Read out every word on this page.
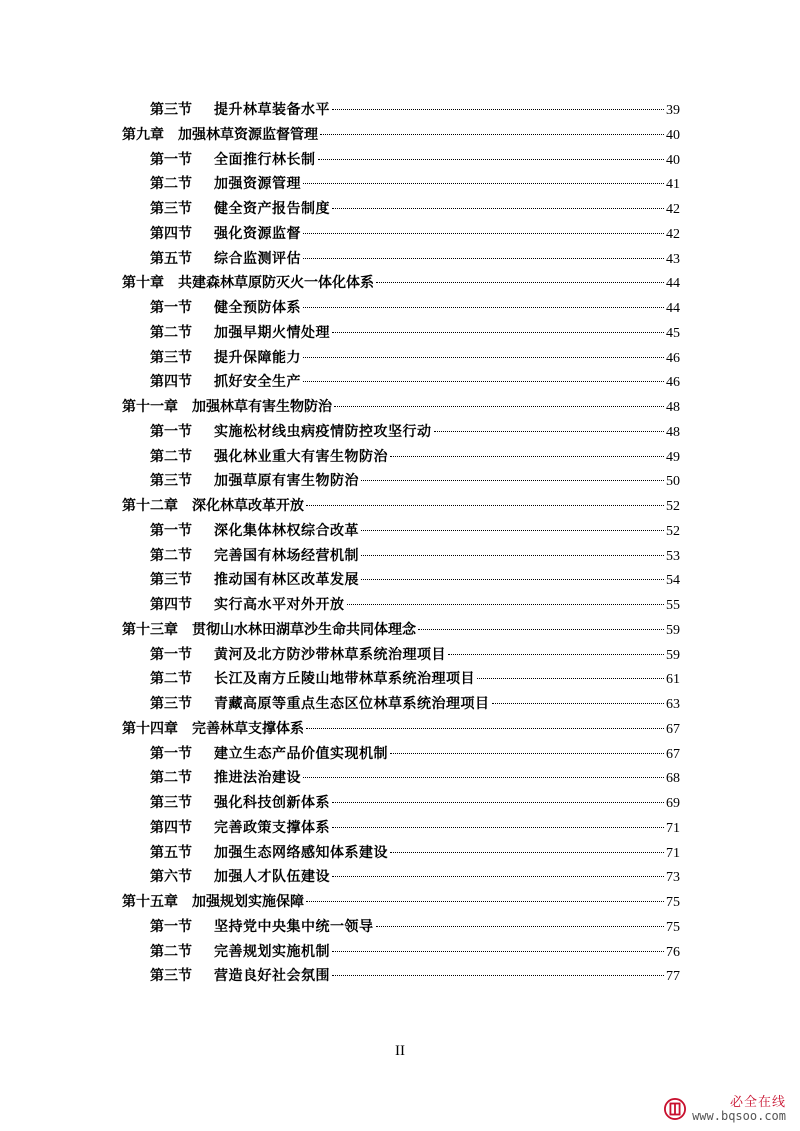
第三节	提升林草装备水平	39
第九章 加强林草资源监督管理	40
第一节	全面推行林长制	40
第二节	加强资源管理	41
第三节	健全资产报告制度	42
第四节	强化资源监督	42
第五节	综合监测评估	43
第十章 共建森林草原防灭火一体化体系	44
第一节	健全预防体系	44
第二节	加强早期火情处理	45
第三节	提升保障能力	46
第四节	抓好安全生产	46
第十一章 加强林草有害生物防治	48
第一节	实施松材线虫病疫情防控攻坚行动	48
第二节	强化林业重大有害生物防治	49
第三节	加强草原有害生物防治	50
第十二章 深化林草改革开放	52
第一节	深化集体林权综合改革	52
第二节	完善国有林场经营机制	53
第三节	推动国有林区改革发展	54
第四节	实行高水平对外开放	55
第十三章 贯彻山水林田湖草沙生命共同体理念	59
第一节	黄河及北方防沙带林草系统治理项目	59
第二节	长江及南方丘陵山地带林草系统治理项目	61
第三节	青藏高原等重点生态区位林草系统治理项目	63
第十四章 完善林草支撑体系	67
第一节	建立生态产品价值实现机制	67
第二节	推进法治建设	68
第三节	强化科技创新体系	69
第四节	完善政策支撑体系	71
第五节	加强生态网络感知体系建设	71
第六节	加强人才队伍建设	73
第十五章 加强规划实施保障	75
第一节	坚持党中央集中统一领导	75
第二节	完善规划实施机制	76
第三节	营造良好社会氛围	77
II
必全在线
www.bqsoo.com
